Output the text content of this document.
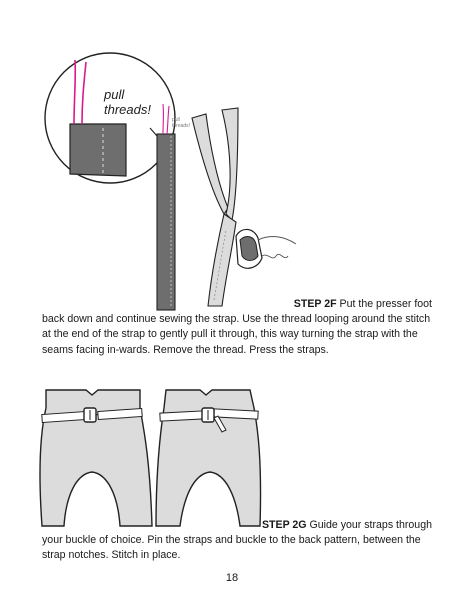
pull
threads!
pull
threads!

STEP 2F Put the presser foot
back down and continue sewing the strap. Use the thread looping around the stitch at the end of the strap to gently pull it through, this way turning the strap with the seams facing in-wards. Remove the thread. Press the straps.

STEP 2G Guide your straps through
your buckle of choice. Pin the straps and buckle to the back pattern, between the strap notches. Stitch in place.

18
